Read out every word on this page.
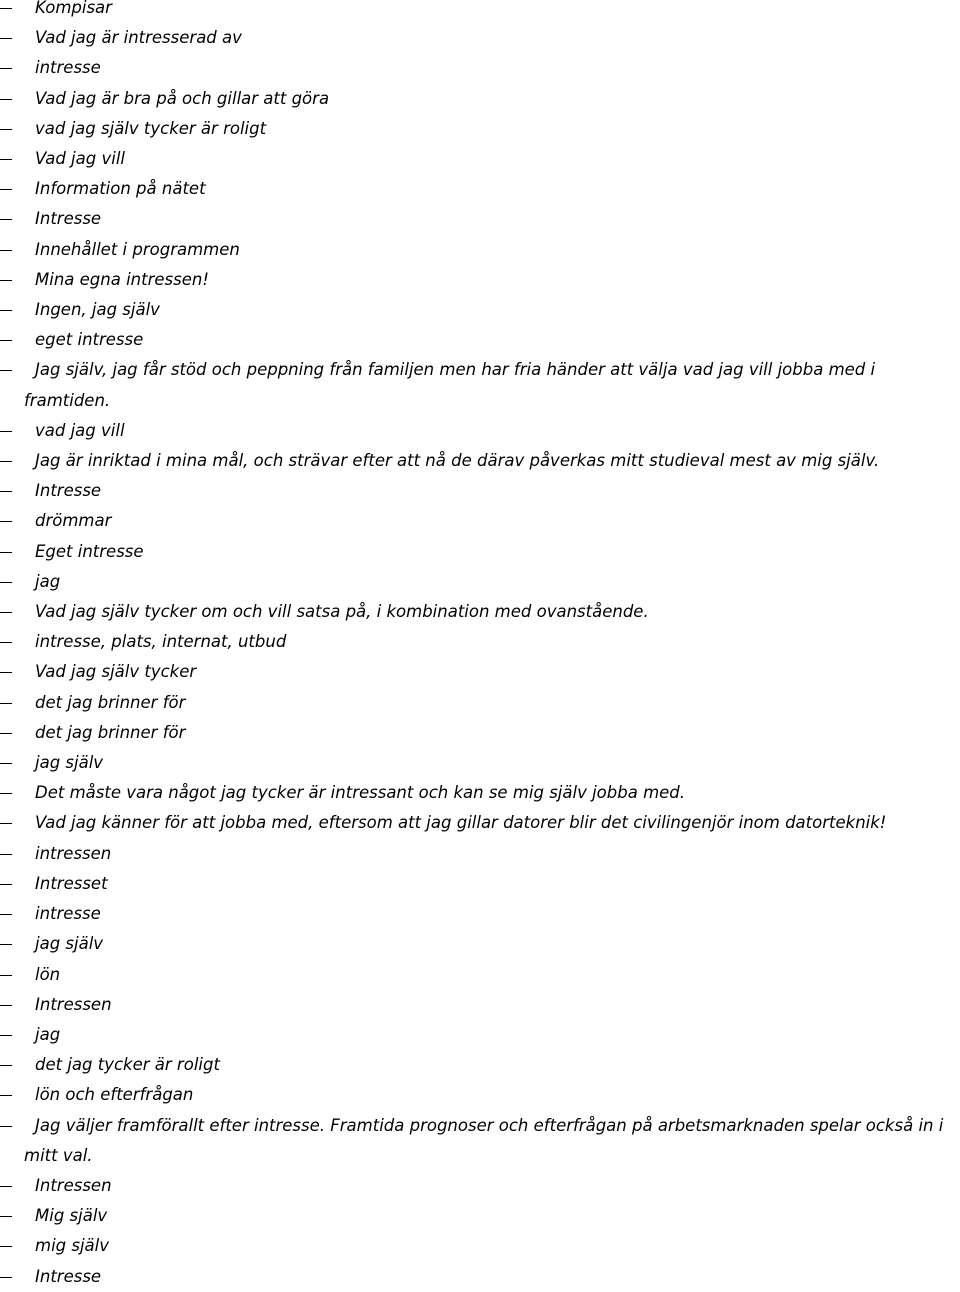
Kompisar
Vad jag är intresserad av
intresse
Vad jag är bra på och gillar att göra
vad jag själv tycker är roligt
Vad jag vill
Information på nätet
Intresse
Innehållet i programmen
Mina egna intressen!
Ingen, jag själv
eget intresse
Jag själv, jag får stöd och peppning från familjen men har fria händer att välja vad jag vill jobba med i
framtiden.
vad jag vill
Jag är inriktad i mina mål, och strävar efter att nå de därav påverkas mitt studieval mest av mig själv.
Intresse
drömmar
Eget intresse
jag
Vad jag själv tycker om och vill satsa på, i kombination med ovanstående.
intresse, plats, internat, utbud
Vad jag själv tycker
det jag brinner för
det jag brinner för
jag själv
Det måste vara något jag tycker är intressant och kan se mig själv jobba med.
Vad jag känner för att jobba med, eftersom att jag gillar datorer blir det civilingenjör inom datorteknik!
intressen
Intresset
intresse
jag själv
lön
Intressen
jag
det jag tycker är roligt
lön och efterfrågan
Jag väljer framförallt efter intresse. Framtida prognoser och efterfrågan på arbetsmarknaden spelar också in i
mitt val.
Intressen
Mig själv
mig själv
Intresse
